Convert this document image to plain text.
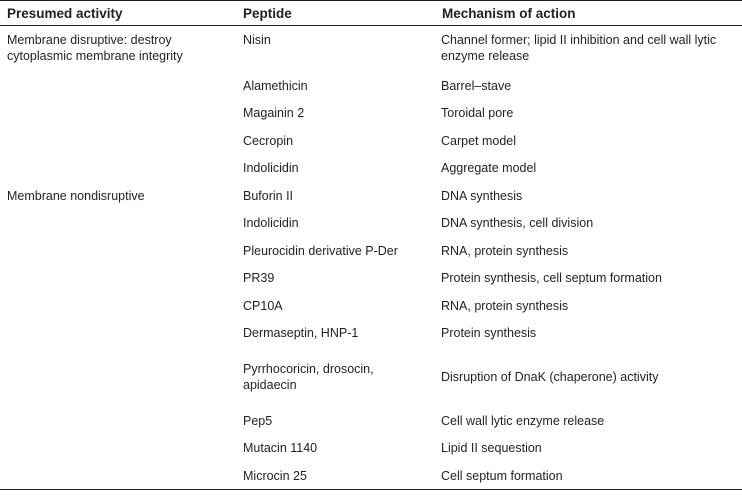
Presumed activity	Peptide	Mechanism of action
Membrane disruptive: destroy cytoplasmic membrane integrity	Nisin	Channel former; lipid II inhibition and cell wall lytic enzyme release
	Alamethicin	Barrel–stave
	Magainin 2	Toroidal pore
	Cecropin	Carpet model
	Indolicidin	Aggregate model
Membrane nondisruptive	Buforin II	DNA synthesis
	Indolicidin	DNA synthesis, cell division
	Pleurocidin derivative P-Der	RNA, protein synthesis
	PR39	Protein synthesis, cell septum formation
	CP10A	RNA, protein synthesis
	Dermaseptin, HNP-1	Protein synthesis
	Pyrrhocoricin, drosocin, apidaecin	Disruption of DnaK (chaperone) activity
	Pep5	Cell wall lytic enzyme release
	Mutacin 1140	Lipid II sequestion
	Microcin 25	Cell septum formation
